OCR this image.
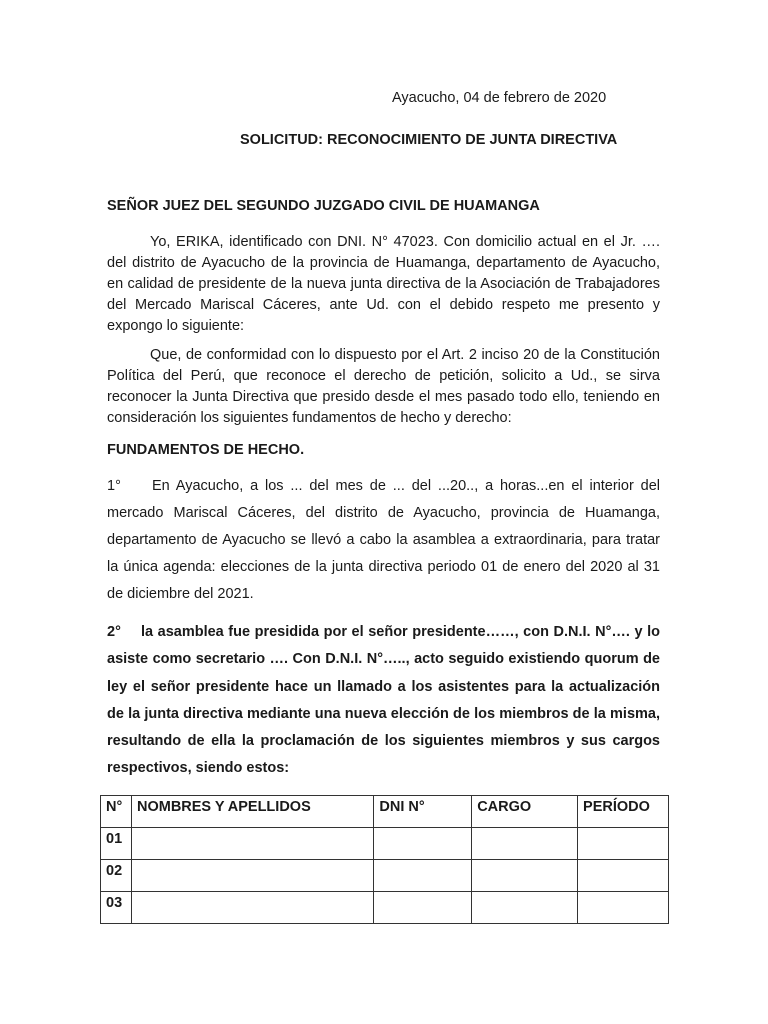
Ayacucho, 04 de febrero de 2020
SOLICITUD: RECONOCIMIENTO DE JUNTA DIRECTIVA
SEÑOR JUEZ DEL SEGUNDO JUZGADO CIVIL DE HUAMANGA

Yo, ERIKA, identificado con DNI. N° 47023. Con domicilio actual en el Jr. …. del distrito de Ayacucho de la provincia de Huamanga, departamento de Ayacucho, en calidad de presidente de la nueva junta directiva de la Asociación de Trabajadores del Mercado Mariscal Cáceres, ante Ud. con el debido respeto me presento y expongo lo siguiente:

Que, de conformidad con lo dispuesto por el Art. 2 inciso 20 de la Constitución Política del Perú, que reconoce el derecho de petición, solicito a Ud., se sirva reconocer la Junta Directiva que presido desde el mes pasado todo ello, teniendo en consideración los siguientes fundamentos de hecho y derecho:

FUNDAMENTOS DE HECHO.
1° En Ayacucho, a los ... del mes de ... del ...20.., a horas...en el interior del mercado Mariscal Cáceres, del distrito de Ayacucho, provincia de Huamanga, departamento de Ayacucho se llevó a cabo la asamblea a extraordinaria, para tratar la única agenda: elecciones de la junta directiva periodo 01 de enero del 2020 al 31 de diciembre del 2021.
2° la asamblea fue presidida por el señor presidente……, con D.N.I. N°…. y lo asiste como secretario …. Con D.N.I. N°….., acto seguido existiendo quorum de ley el señor presidente hace un llamado a los asistentes para la actualización de la junta directiva mediante una nueva elección de los miembros de la misma, resultando de ella la proclamación de los siguientes miembros y sus cargos respectivos, siendo estos:
N°	NOMBRES Y APELLIDOS	DNI N°	CARGO	PERÍODO
01				
02				
03				
